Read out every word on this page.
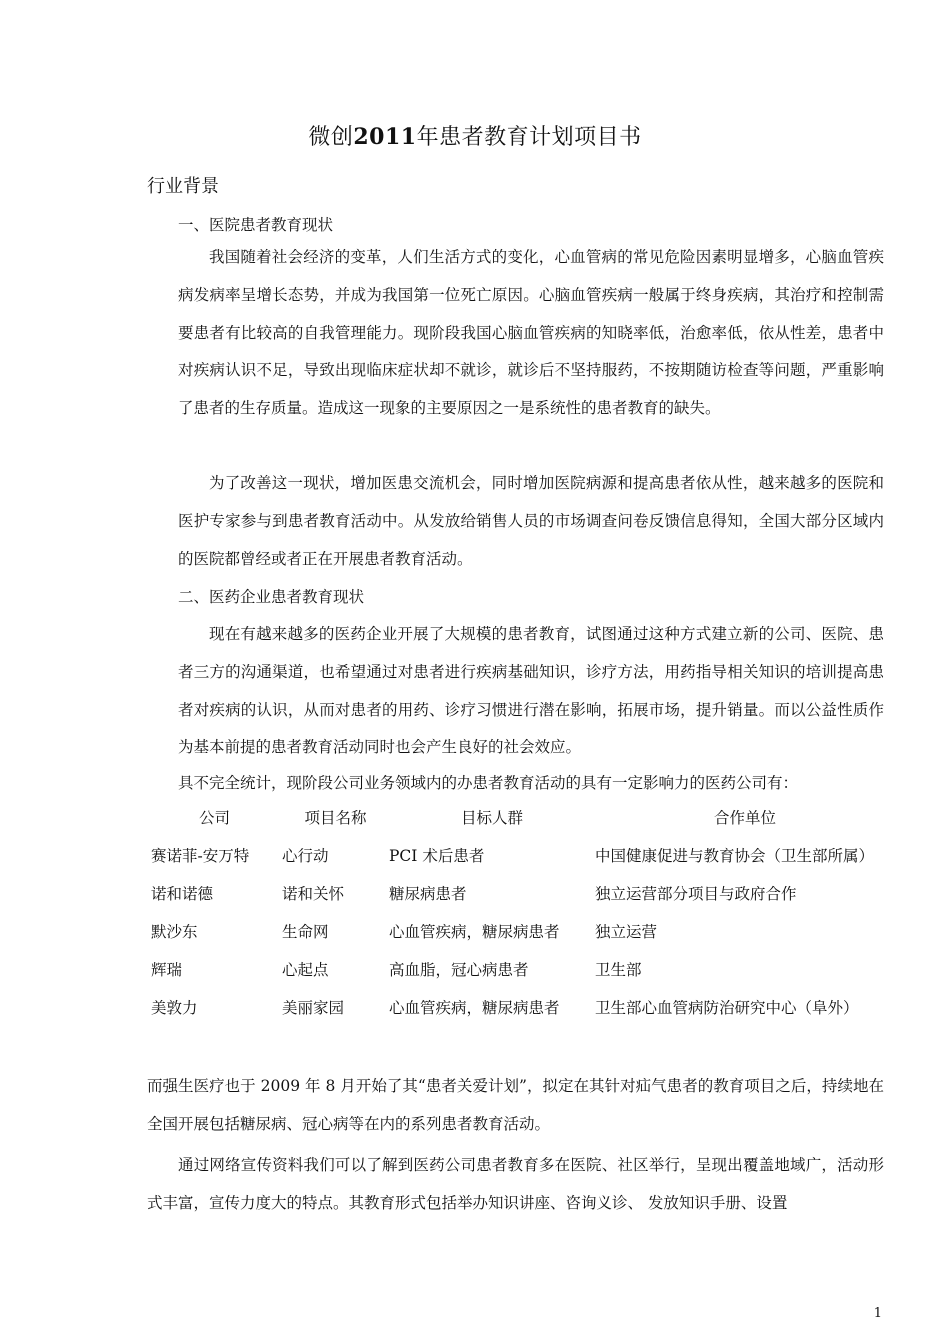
微创2011年患者教育计划项目书
行业背景
一、医院患者教育现状

我国随着社会经济的变革，人们生活方式的变化，心血管病的常见危险因素明显增多，心脑血管疾病发病率呈增长态势，并成为我国第一位死亡原因。心脑血管疾病一般属于终身疾病，其治疗和控制需要患者有比较高的自我管理能力。现阶段我国心脑血管疾病的知晓率低，治愈率低，依从性差，患者中对疾病认识不足，导致出现临床症状却不就诊，就诊后不坚持服药，不按期随访检查等问题，严重影响了患者的生存质量。造成这一现象的主要原因之一是系统性的患者教育的缺失。

为了改善这一现状，增加医患交流机会，同时增加医院病源和提高患者依从性，越来越多的医院和医护专家参与到患者教育活动中。从发放给销售人员的市场调查问卷反馈信息得知，全国大部分区域内的医院都曾经或者正在开展患者教育活动。

二、医药企业患者教育现状

现在有越来越多的医药企业开展了大规模的患者教育，试图通过这种方式建立新的公司、医院、患者三方的沟通渠道，也希望通过对患者进行疾病基础知识，诊疗方法，用药指导相关知识的培训提高患者对疾病的认识，从而对患者的用药、诊疗习惯进行潜在影响，拓展市场，提升销量。而以公益性质作为基本前提的患者教育活动同时也会产生良好的社会效应。

具不完全统计，现阶段公司业务领域内的办患者教育活动的具有一定影响力的医药公司有：

公司	项目名称	目标人群	合作单位
赛诺菲-安万特	心行动	PCI 术后患者	中国健康促进与教育协会（卫生部所属）
诺和诺德	诺和关怀	糖尿病患者	独立运营部分项目与政府合作
默沙东	生命网	心血管疾病，糖尿病患者	独立运营
辉瑞	心起点	高血脂，冠心病患者	卫生部
美敦力	美丽家园	心血管疾病，糖尿病患者	卫生部心血管病防治研究中心（阜外）

而强生医疗也于 2009 年 8 月开始了其“患者关爱计划”，拟定在其针对疝气患者的教育项目之后，持续地在全国开展包括糖尿病、冠心病等在内的系列患者教育活动。

通过网络宣传资料我们可以了解到医药公司患者教育多在医院、社区举行，呈现出覆盖地域广，活动形式丰富，宣传力度大的特点。其教育形式包括举办知识讲座、咨询义诊、 发放知识手册、设置

1
